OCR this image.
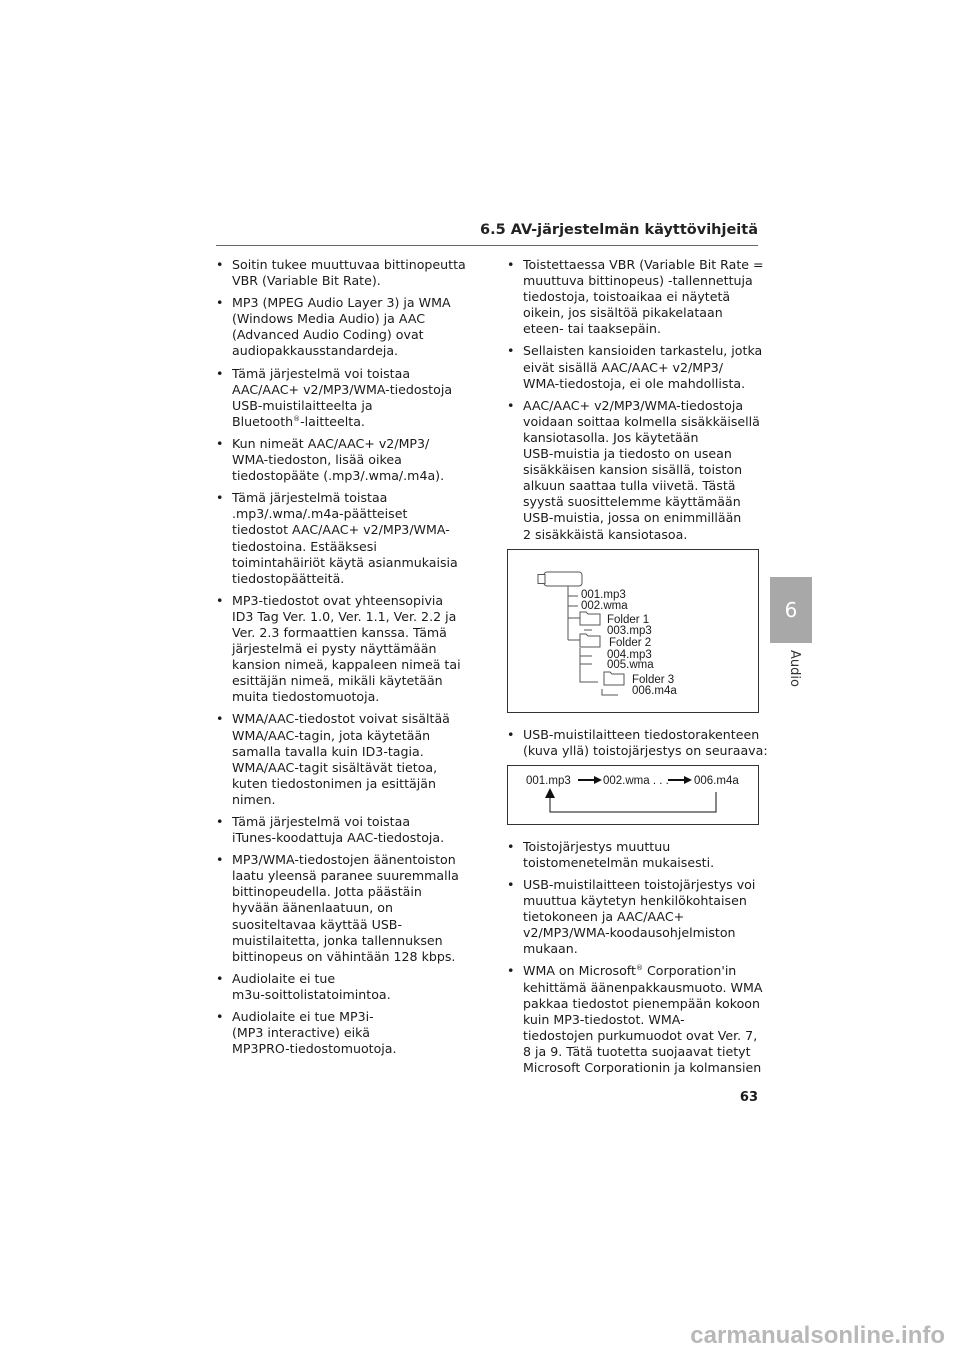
6.5 AV-järjestelmän käyttövihjeitä
• Soitin tukee muuttuvaa bittinopeutta
VBR (Variable Bit Rate).
• MP3 (MPEG Audio Layer 3) ja WMA
(Windows Media Audio) ja AAC
(Advanced Audio Coding) ovat
audiopakkausstandardeja.
• Tämä järjestelmä voi toistaa
AAC/AAC+ v2/MP3/WMA-tiedostoja
USB-muistilaitteelta ja
Bluetooth®-laitteelta.
• Kun nimeät AAC/AAC+ v2/MP3/
WMA-tiedoston, lisää oikea
tiedostopääte (.mp3/.wma/.m4a).
• Tämä järjestelmä toistaa
.mp3/.wma/.m4a-päätteiset
tiedostot AAC/AAC+ v2/MP3/WMA-
tiedostoina. Estääksesi
toimintahäiriöt käytä asianmukaisia
tiedostopäätteitä.
• MP3-tiedostot ovat yhteensopivia
ID3 Tag Ver. 1.0, Ver. 1.1, Ver. 2.2 ja
Ver. 2.3 formaattien kanssa. Tämä
järjestelmä ei pysty näyttämään
kansion nimeä, kappaleen nimeä tai
esittäjän nimeä, mikäli käytetään
muita tiedostomuotoja.
• WMA/AAC-tiedostot voivat sisältää
WMA/AAC-tagin, jota käytetään
samalla tavalla kuin ID3-tagia.
WMA/AAC-tagit sisältävät tietoa,
kuten tiedostonimen ja esittäjän
nimen.
• Tämä järjestelmä voi toistaa
iTunes-koodattuja AAC-tiedostoja.
• MP3/WMA-tiedostojen äänentoiston
laatu yleensä paranee suuremmalla
bittinopeudella. Jotta päästäin
hyvään äänenlaatuun, on
suositeltavaa käyttää USB-
muistilaitetta, jonka tallennuksen
bittinopeus on vähintään 128 kbps.
• Audiolaite ei tue
m3u-soittolistatoimintoa.
• Audiolaite ei tue MP3i-
(MP3 interactive) eikä
MP3PRO-tiedostomuotoja.
• Toistettaessa VBR (Variable Bit Rate =
muuttuva bittinopeus) -tallennettuja
tiedostoja, toistoaikaa ei näytetä
oikein, jos sisältöä pikakelataan
eteen- tai taaksepäin.
• Sellaisten kansioiden tarkastelu, jotka
eivät sisällä AAC/AAC+ v2/MP3/
WMA-tiedostoja, ei ole mahdollista.
• AAC/AAC+ v2/MP3/WMA-tiedostoja
voidaan soittaa kolmella sisäkkäisellä
kansiotasolla. Jos käytetään
USB-muistia ja tiedosto on usean
sisäkkäisen kansion sisällä, toiston
alkuun saattaa tulla viivetä. Tästä
syystä suosittelemme käyttämään
USB-muistia, jossa on enimmillään
2 sisäkkäistä kansiotasoa.
001.mp3
002.wma
Folder 1
003.mp3
Folder 2
004.mp3
005.wma
Folder 3
006.m4a
• USB-muistilaitteen tiedostorakenteen
(kuva yllä) toistojärjestys on seuraava:
001.mp3	002.wma . . . 006.m4a
• Toistojärjestys muuttuu
toistomenetelmän mukaisesti.
• USB-muistilaitteen toistojärjestys voi
muuttua käytetyn henkilökohtaisen
tietokoneen ja AAC/AAC+
v2/MP3/WMA-koodausohjelmiston
mukaan.
• WMA on Microsoft® Corporation'in
kehittämä äänenpakkausmuoto. WMA
pakkaa tiedostot pienempään kokoon
kuin MP3-tiedostot. WMA-
tiedostojen purkumuodot ovat Ver. 7,
8 ja 9. Tätä tuotetta suojaavat tietyt
Microsoft Corporationin ja kolmansien
6
Audio
63
carmanualsonline.info
